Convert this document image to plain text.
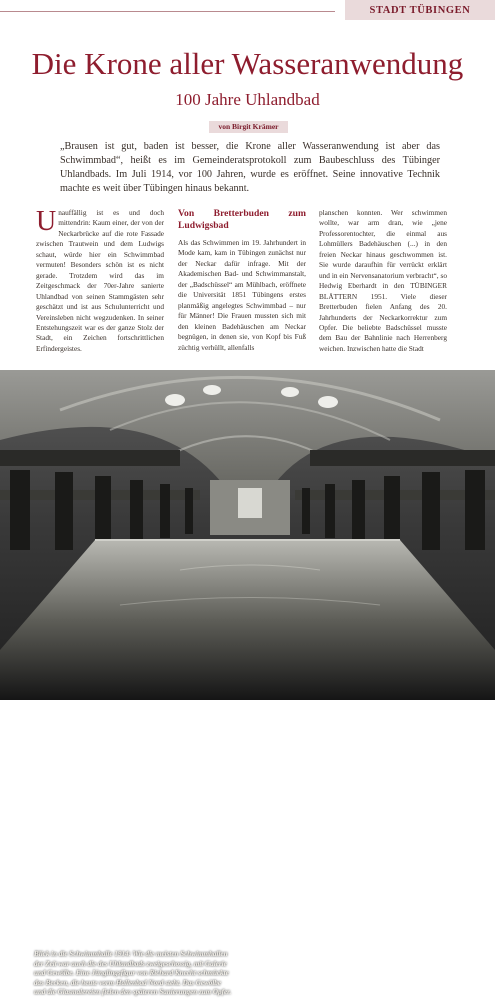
STADT TÜBINGEN
Die Krone aller Wasseranwendung
100 Jahre Uhlandbad
von Birgit Krämer

„Brausen ist gut, baden ist besser, die Krone aller Wasseranwendung ist aber das Schwimmbad“, heißt es im Gemeinderatsprotokoll zum Baubeschluss des Tübinger Uhlandbads. Im Juli 1914, vor 100 Jahren, wurde es eröffnet. Seine innovative Technik machte es weit über Tübingen hinaus bekannt.

Unauffällig ist es und doch mittendrin: Kaum einer, der von der Neckarbrücke auf die rote Fassade zwischen Trautwein und dem Ludwigs schaut, würde hier ein Schwimmbad vermuten! Besonders schön ist es nicht gerade. Trotzdem wird das im Zeitgeschmack der 70er-Jahre sanierte Uhlandbad von seinen Stammgästen sehr geschätzt und ist aus Schulunterricht und Vereinsleben nicht wegzudenken. In seiner Entstehungszeit war es der ganze Stolz der Stadt, ein Zeichen fortschrittlichen Erfindergeistes.
Von Bretterbuden zum Ludwigsbad
Als das Schwimmen im 19. Jahrhundert in Mode kam, kam in Tübingen zunächst nur der Neckar dafür infrage. Mit der Akademischen Bad- und Schwimmanstalt, der „Badschüssel“ am Mühlbach, eröffnete die Universität 1851 Tübingens erstes planmäßig angelegtes Schwimmbad – nur für Männer! Die Frauen mussten sich mit den kleinen Badehäuschen am Neckar begnügen, in denen sie, von Kopf bis Fuß züchtig verhüllt, allenfalls
planschen konnten. Wer schwimmen wollte, war arm dran, wie „jene Professorentochter, die einmal aus Lohmüllers Badehäuschen (...) in den freien Neckar hinaus geschwommen ist. Sie wurde daraufhin für verrückt erklärt und in ein Nervensanatorium verbracht“, so Hedwig Eberhardt in den TÜBINGER BLÄTTERN 1951. Viele dieser Bretterbuden fielen Anfang des 20. Jahrhunderts der Neckarkorrektur zum Opfer. Die beliebte Badschüssel musste dem Bau der Bahnlinie nach Herrenberg weichen. Inzwischen hatte die Stadt

Blick in die Schwimmhalle 1914: Wie die meisten Schwimmhallen der Zeit war auch die des Uhlandbads zweigeschossig, mit Galerie und Gewölbe. Eine Jünglingsfigur von Richard Knecht schmückte das Becken, die heute vorm Hallenbad Nord steht. Das Gewölbe und die Glasmalereien fielen den späteren Sanierungen zum Opfer.
